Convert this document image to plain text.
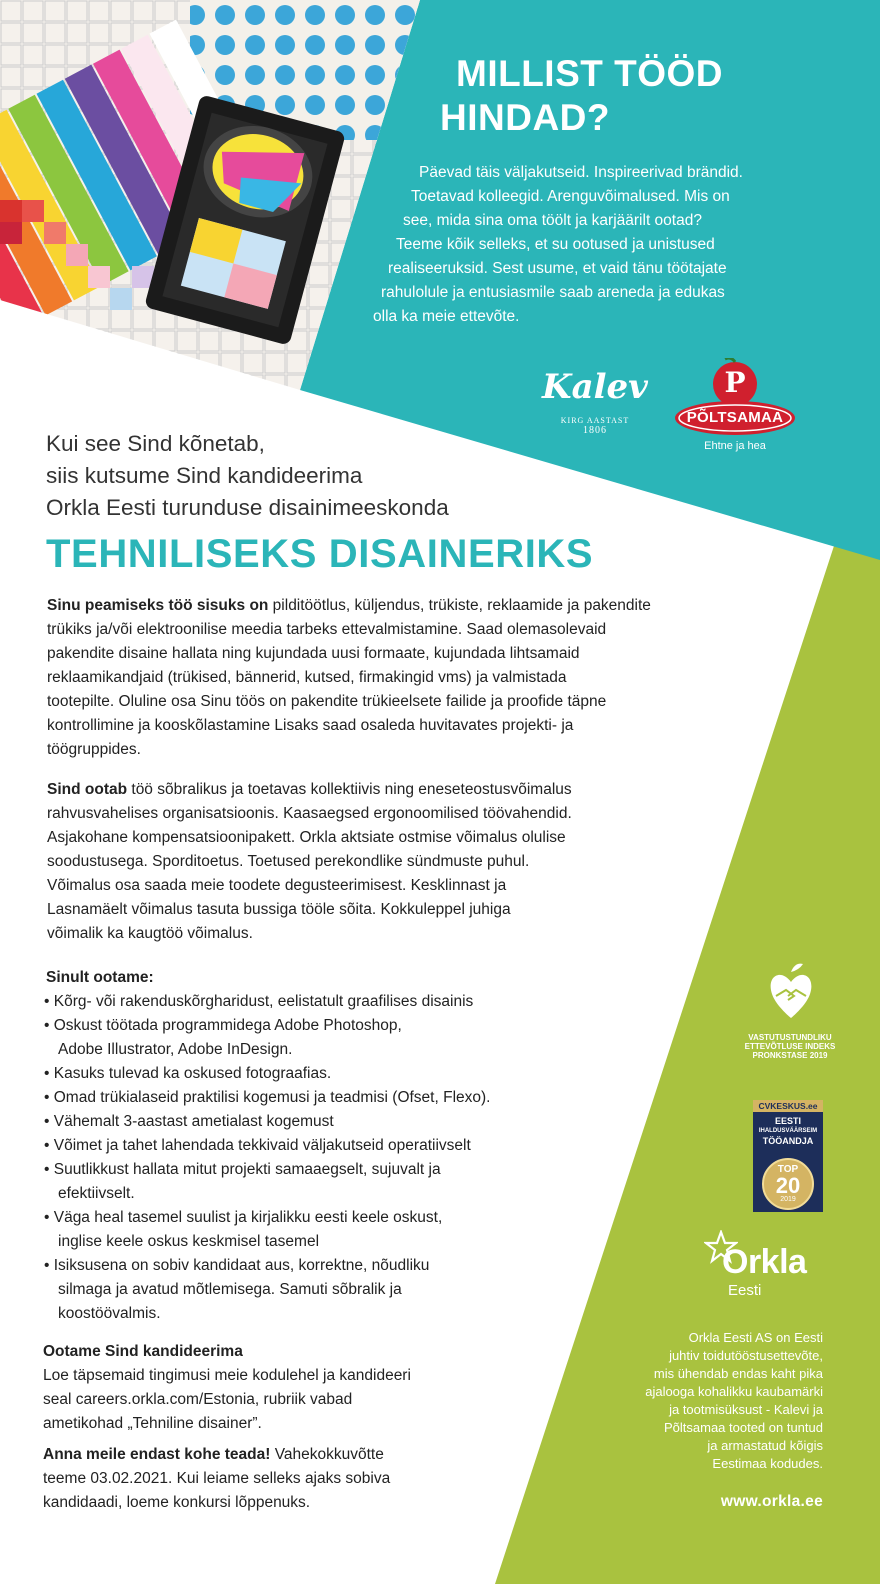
MILLIST TÖÖD
HINDAD?
Päevad täis väljakutseid. Inspireerivad brändid.
Toetavad kolleegid. Arenguvõimalused. Mis on
see, mida sina oma töölt ja karjäärilt ootad?
Teeme kõik selleks, et su ootused ja unistused
realiseeruksid. Sest usume, et vaid tänu töötajate
rahulolule ja entusiasmile saab areneda ja edukas
olla ka meie ettevõte.
Kalev
KIRG AASTAST
1806
P
PÕLTSAMAA
Ehtne ja hea
Kui see Sind kõnetab,
siis kutsume Sind kandideerima
Orkla Eesti turunduse disainimeeskonda
TEHNILISEKS DISAINERIKS
Sinu peamiseks töö sisuks on pilditöötlus, küljendus, trükiste, reklaamide ja pakendite
trükiks ja/või elektroonilise meedia tarbeks ettevalmistamine. Saad olemasolevaid
pakendite disaine hallata ning kujundada uusi formaate, kujundada lihtsamaid
reklaamikandjaid (trükised, bännerid, kutsed, firmakingid vms) ja valmistada
tootepilte. Oluline osa Sinu töös on pakendite trükieelsete failide ja proofide täpne
kontrollimine ja kooskõlastamine Lisaks saad osaleda huvitavates projekti- ja
töögruppides.
Sind ootab töö sõbralikus ja toetavas kollektiivis ning eneseteostusvõimalus
rahvusvahelises organisatsioonis. Kaasaegsed ergonoomilised töövahendid.
Asjakohane kompensatsioonipakett. Orkla aktsiate ostmise võimalus olulise
soodustusega. Sporditoetus. Toetused perekondlike sündmuste puhul.
Võimalus osa saada meie toodete degusteerimisest. Kesklinnast ja
Lasnamäelt võimalus tasuta bussiga tööle sõita. Kokkuleppel juhiga
võimalik ka kaugtöö võimalus.
Sinult ootame:
• Kõrg- või rakenduskõrgharidust, eelistatult graafilises disainis
• Oskust töötada programmidega Adobe Photoshop,
Adobe Illustrator, Adobe InDesign.
• Kasuks tulevad ka oskused fotograafias.
• Omad trükialaseid praktilisi kogemusi ja teadmisi (Ofset, Flexo).
• Vähemalt 3-aastast ametialast kogemust
• Võimet ja tahet lahendada tekkivaid väljakutseid operatiivselt
• Suutlikkust hallata mitut projekti samaaegselt, sujuvalt ja
efektiivselt.
• Väga heal tasemel suulist ja kirjalikku eesti keele oskust,
inglise keele oskus keskmisel tasemel
• Isiksusena on sobiv kandidaat aus, korrektne, nõudliku
silmaga ja avatud mõtlemisega. Samuti sõbralik ja
koostöövalmis.
Ootame Sind kandideerima
Loe täpsemaid tingimusi meie kodulehel ja kandideeri
seal careers.orkla.com/Estonia, rubriik vabad
ametikohad „Tehniline disainer”.
Anna meile endast kohe teada! Vahekokkuvõtte
teeme 03.02.2021. Kui leiame selleks ajaks sobiva
kandidaadi, loeme konkursi lõppenuks.
VASTUTUSTUNDLIKU
ETTEVÕTLUSE INDEKS
PRONKSTASE 2019
CVKESKUS.ee
EESTI
IHALDUSVÄÄRSEIM
TÖÖANDJA
TOP
20
2019
Orkla
Eesti
Orkla Eesti AS on Eesti
juhtiv toidutööstusettevõte,
mis ühendab endas kaht pika
ajalooga kohalikku kaubamärki
ja tootmisüksust - Kalevi ja
Põltsamaa tooted on tuntud
ja armastatud kõigis
Eestimaa kodudes.
www.orkla.ee
